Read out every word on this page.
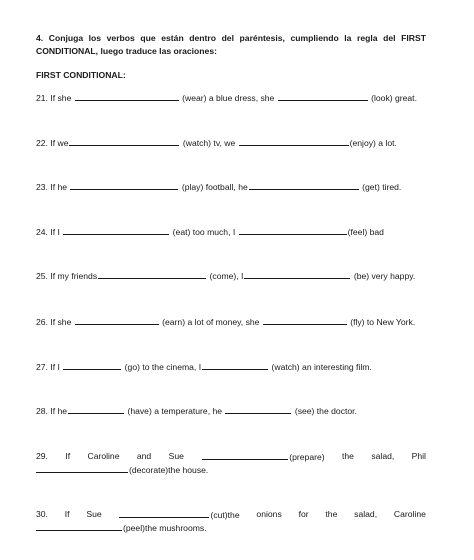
4. Conjuga los verbos que están dentro del paréntesis, cumpliendo la regla del FIRST
CONDITIONAL, luego traduce las oraciones:
FIRST CONDITIONAL:
21. If she	(wear) a blue dress, she	(look) great.
22. If we	(watch) tv, we	(enjoy) a lot.
23. If he	(play) football, he	(get) tired.
24. If I	(eat) too much, I	(feel) bad
25. If my friends	(come), I	(be) very happy.
26. If she	(earn) a lot of money, she	(fly) to New York.
27. If I	(go) to the cinema, I	(watch) an interesting film.
28. If he	(have) a temperature, he	(see) the doctor.
29. If Caroline and Sue	(prepare) the salad, Phil
(decorate)the house.
30. If Sue	(cut)the onions for the salad, Caroline
(peel)the mushrooms.
